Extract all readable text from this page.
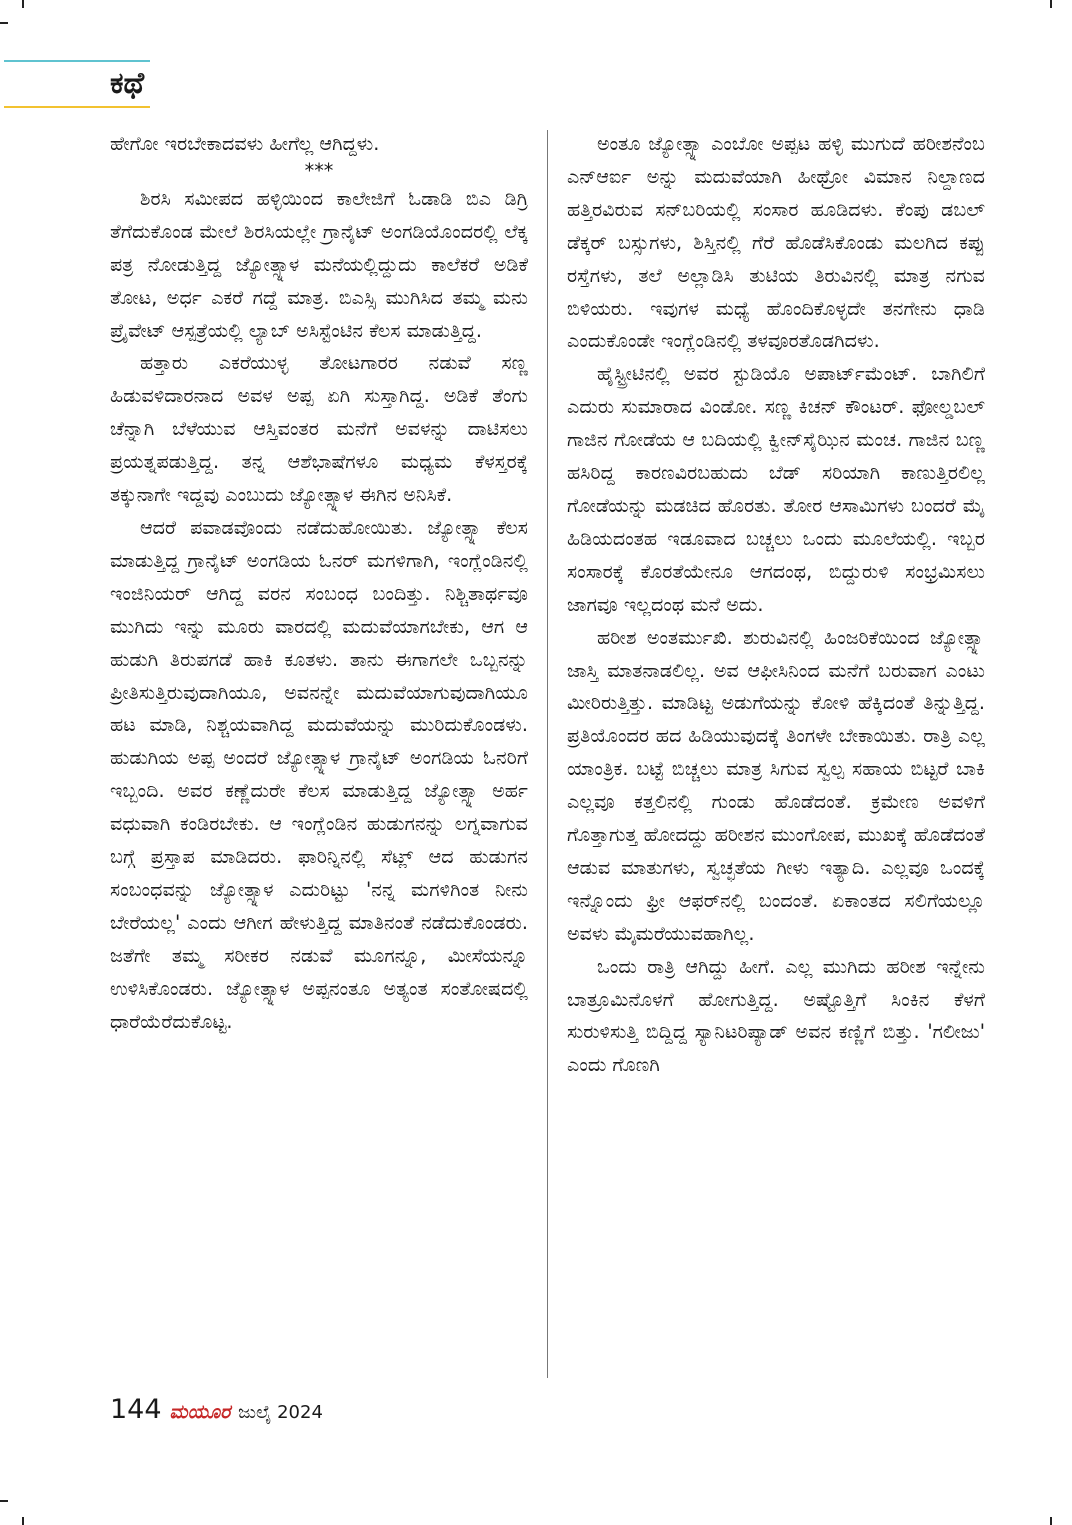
ಕಥೆ

ಹೇಗೋ ಇರಬೇಕಾದವಳು ಹೀಗೆಲ್ಲ ಆಗಿದ್ದಳು.

***

ಶಿರಸಿ ಸಮೀಪದ ಹಳ್ಳಿಯಿಂದ ಕಾಲೇಜಿಗೆ ಓಡಾಡಿ ಬಿಎ ಡಿಗ್ರಿ ತೆಗೆದುಕೊಂಡ ಮೇಲೆ ಶಿರಸಿಯಲ್ಲೇ ಗ್ರಾನೈಟ್ ಅಂಗಡಿಯೊಂದರಲ್ಲಿ ಲೆಕ್ಕ ಪತ್ರ ನೋಡುತ್ತಿದ್ದ ಜ್ಯೋತ್ಸ್ನಾಳ ಮನೆಯಲ್ಲಿದ್ದುದು ಕಾಲೆಕರೆ ಅಡಿಕೆ ತೋಟ, ಅರ್ಧ ಎಕರೆ ಗದ್ದೆ ಮಾತ್ರ. ಬಿಎಸ್ಸಿ ಮುಗಿಸಿದ ತಮ್ಮ ಮನು ಪ್ರೈವೇಟ್ ಆಸ್ಪತ್ರೆಯಲ್ಲಿ ಲ್ಯಾಬ್ ಅಸಿಸ್ಟೆಂಟಿನ ಕೆಲಸ ಮಾಡುತ್ತಿದ್ದ.

ಹತ್ತಾರು ಎಕರೆಯುಳ್ಳ ತೋಟಗಾರರ ನಡುವೆ ಸಣ್ಣ ಹಿಡುವಳಿದಾರನಾದ ಅವಳ ಅಪ್ಪ ಏಗಿ ಸುಸ್ತಾಗಿದ್ದ. ಅಡಿಕೆ ತೆಂಗು ಚೆನ್ನಾಗಿ ಬೆಳೆಯುವ ಆಸ್ತಿವಂತರ ಮನೆಗೆ ಅವಳನ್ನು ದಾಟಿಸಲು ಪ್ರಯತ್ನಪಡುತ್ತಿದ್ದ. ತನ್ನ ಆಶೆಭಾಷೆಗಳೂ ಮಧ್ಯಮ ಕೆಳಸ್ತರಕ್ಕೆ ತಕ್ಕುನಾಗೇ ಇದ್ದವು ಎಂಬುದು ಜ್ಯೋತ್ಸ್ನಾಳ ಈಗಿನ ಅನಿಸಿಕೆ.

ಆದರೆ ಪವಾಡವೊಂದು ನಡೆದುಹೋಯಿತು. ಜ್ಯೋತ್ಸ್ನಾ ಕೆಲಸ ಮಾಡುತ್ತಿದ್ದ ಗ್ರಾನೈಟ್ ಅಂಗಡಿಯ ಓನರ್ ಮಗಳಿಗಾಗಿ, ಇಂಗ್ಲೆಂಡಿನಲ್ಲಿ ಇಂಜಿನಿಯರ್ ಆಗಿದ್ದ ವರನ ಸಂಬಂಧ ಬಂದಿತ್ತು. ನಿಶ್ಚಿತಾರ್ಥವೂ ಮುಗಿದು ಇನ್ನು ಮೂರು ವಾರದಲ್ಲಿ ಮದುವೆಯಾಗಬೇಕು, ಆಗ ಆ ಹುಡುಗಿ ತಿರುಪಗಡೆ ಹಾಕಿ ಕೂತಳು. ತಾನು ಈಗಾಗಲೇ ಒಬ್ಬನನ್ನು ಪ್ರೀತಿಸುತ್ತಿರುವುದಾಗಿಯೂ, ಅವನನ್ನೇ ಮದುವೆಯಾಗುವುದಾಗಿಯೂ ಹಟ ಮಾಡಿ, ನಿಶ್ಚಯವಾಗಿದ್ದ ಮದುವೆಯನ್ನು ಮುರಿದುಕೊಂಡಳು. ಹುಡುಗಿಯ ಅಪ್ಪ ಅಂದರೆ ಜ್ಯೋತ್ಸ್ನಾಳ ಗ್ರಾನೈಟ್ ಅಂಗಡಿಯ ಓನರಿಗೆ ಇಬ್ಬಂದಿ. ಅವರ ಕಣ್ಣೆದುರೇ ಕೆಲಸ ಮಾಡುತ್ತಿದ್ದ ಜ್ಯೋತ್ಸ್ನಾ ಅರ್ಹ ವಧುವಾಗಿ ಕಂಡಿರಬೇಕು. ಆ ಇಂಗ್ಲೆಂಡಿನ ಹುಡುಗನನ್ನು ಲಗ್ನವಾಗುವ ಬಗ್ಗೆ ಪ್ರಸ್ತಾಪ ಮಾಡಿದರು. ಫಾರಿನ್ನಿನಲ್ಲಿ ಸೆಟ್ಲ್ ಆದ ಹುಡುಗನ ಸಂಬಂಧವನ್ನು ಜ್ಯೋತ್ಸ್ನಾಳ ಎದುರಿಟ್ಟು 'ನನ್ನ ಮಗಳಿಗಿಂತ ನೀನು ಬೇರೆಯಲ್ಲ' ಎಂದು ಆಗೀಗ ಹೇಳುತ್ತಿದ್ದ ಮಾತಿನಂತೆ ನಡೆದುಕೊಂಡರು. ಜತೆಗೇ ತಮ್ಮ ಸರೀಕರ ನಡುವೆ ಮೂಗನ್ನೂ, ಮೀಸೆಯನ್ನೂ ಉಳಿಸಿಕೊಂಡರು. ಜ್ಯೋತ್ಸ್ನಾಳ ಅಪ್ಪನಂತೂ ಅತ್ಯಂತ ಸಂತೋಷದಲ್ಲಿ ಧಾರೆಯೆರೆದುಕೊಟ್ಟ.

ಅಂತೂ ಜ್ಯೋತ್ಸ್ನಾ ಎಂಬೋ ಅಪ್ಪಟ ಹಳ್ಳಿ ಮುಗುದೆ ಹರೀಶನೆಂಬ ಎನ್ಆರ್ಐ ಅನ್ನು ಮದುವೆಯಾಗಿ ಹೀಥ್ರೋ ವಿಮಾನ ನಿಲ್ದಾಣದ ಹತ್ತಿರವಿರುವ ಸನ್‌ಬರಿಯಲ್ಲಿ ಸಂಸಾರ ಹೂಡಿದಳು. ಕೆಂಪು ಡಬಲ್ ಡೆಕ್ಕರ್ ಬಸ್ಸುಗಳು, ಶಿಸ್ತಿನಲ್ಲಿ ಗೆರೆ ಹೊಡೆಸಿಕೊಂಡು ಮಲಗಿದ ಕಪ್ಪು ರಸ್ತೆಗಳು, ತಲೆ ಅಲ್ಲಾಡಿಸಿ ತುಟಿಯ ತಿರುವಿನಲ್ಲಿ ಮಾತ್ರ ನಗುವ ಬಿಳಿಯರು. ಇವುಗಳ ಮಧ್ಯೆ ಹೊಂದಿಕೊಳ್ಳದೇ ತನಗೇನು ಧಾಡಿ ಎಂದುಕೊಂಡೇ ಇಂಗ್ಲೆಂಡಿನಲ್ಲಿ ತಳವೂರತೊಡಗಿದಳು.

ಹೈಸ್ಟ್ರೀಟಿನಲ್ಲಿ ಅವರ ಸ್ಟುಡಿಯೊ ಅಪಾರ್ಟ್‌ಮೆಂಟ್. ಬಾಗಿಲಿಗೆ ಎದುರು ಸುಮಾರಾದ ವಿಂಡೋ. ಸಣ್ಣ ಕಿಚನ್ ಕೌಂಟರ್. ಫೋಲ್ಡಬಲ್ ಗಾಜಿನ ಗೋಡೆಯ ಆ ಬದಿಯಲ್ಲಿ ಕ್ವೀನ್‌ಸೈಝಿನ ಮಂಚ. ಗಾಜಿನ ಬಣ್ಣ ಹಸಿರಿದ್ದ ಕಾರಣವಿರಬಹುದು ಬೆಡ್ ಸರಿಯಾಗಿ ಕಾಣುತ್ತಿರಲಿಲ್ಲ ಗೋಡೆಯನ್ನು ಮಡಚಿದ ಹೊರತು. ತೋರ ಆಸಾಮಿಗಳು ಬಂದರೆ ಮೈ ಹಿಡಿಯದಂತಹ ಇಡೂವಾದ ಬಚ್ಚಲು ಒಂದು ಮೂಲೆಯಲ್ಲಿ. ಇಬ್ಬರ ಸಂಸಾರಕ್ಕೆ ಕೊರತೆಯೇನೂ ಆಗದಂಥ, ಬಿದ್ದುರುಳಿ ಸಂಭ್ರಮಿಸಲು ಜಾಗವೂ ಇಲ್ಲದಂಥ ಮನೆ ಅದು.

ಹರೀಶ ಅಂತರ್ಮುಖಿ. ಶುರುವಿನಲ್ಲಿ ಹಿಂಜರಿಕೆಯಿಂದ ಜ್ಯೋತ್ಸ್ನಾ ಜಾಸ್ತಿ ಮಾತನಾಡಲಿಲ್ಲ. ಅವ ಆಫೀಸಿನಿಂದ ಮನೆಗೆ ಬರುವಾಗ ಎಂಟು ಮೀರಿರುತ್ತಿತ್ತು. ಮಾಡಿಟ್ಟ ಅಡುಗೆಯನ್ನು ಕೋಳಿ ಹೆಕ್ಕಿದಂತೆ ತಿನ್ನುತ್ತಿದ್ದ. ಪ್ರತಿಯೊಂದರ ಹದ ಹಿಡಿಯುವುದಕ್ಕೆ ತಿಂಗಳೇ ಬೇಕಾಯಿತು. ರಾತ್ರಿ ಎಲ್ಲ ಯಾಂತ್ರಿಕ. ಬಟ್ಟೆ ಬಿಚ್ಚಲು ಮಾತ್ರ ಸಿಗುವ ಸ್ವಲ್ಪ ಸಹಾಯ ಬಿಟ್ಟರೆ ಬಾಕಿ ಎಲ್ಲವೂ ಕತ್ತಲಿನಲ್ಲಿ ಗುಂಡು ಹೊಡೆದಂತೆ. ಕ್ರಮೇಣ ಅವಳಿಗೆ ಗೊತ್ತಾಗುತ್ತ ಹೋದದ್ದು ಹರೀಶನ ಮುಂಗೋಪ, ಮುಖಕ್ಕೆ ಹೊಡೆದಂತೆ ಆಡುವ ಮಾತುಗಳು, ಸ್ವಚ್ಛತೆಯ ಗೀಳು ಇತ್ಯಾದಿ. ಎಲ್ಲವೂ ಒಂದಕ್ಕೆ ಇನ್ನೊಂದು ಫ್ರೀ ಆಫರ್‌ನಲ್ಲಿ ಬಂದಂತೆ. ಏಕಾಂತದ ಸಲಿಗೆಯಲ್ಲೂ ಅವಳು ಮೈಮರೆಯುವಹಾಗಿಲ್ಲ.

ಒಂದು ರಾತ್ರಿ ಆಗಿದ್ದು ಹೀಗೆ. ಎಲ್ಲ ಮುಗಿದು ಹರೀಶ ಇನ್ನೇನು ಬಾತ್ರೂಮಿನೊಳಗೆ ಹೋಗುತ್ತಿದ್ದ. ಅಷ್ಟೊತ್ತಿಗೆ ಸಿಂಕಿನ ಕೆಳಗೆ ಸುರುಳಿಸುತ್ತಿ ಬಿದ್ದಿದ್ದ ಸ್ಯಾನಿಟರಿಪ್ಯಾಡ್ ಅವನ ಕಣ್ಣಿಗೆ ಬಿತ್ತು. 'ಗಲೀಜು' ಎಂದು ಗೊಣಗಿ

144 ಮಯೂರ ಜುಲೈ 2024
